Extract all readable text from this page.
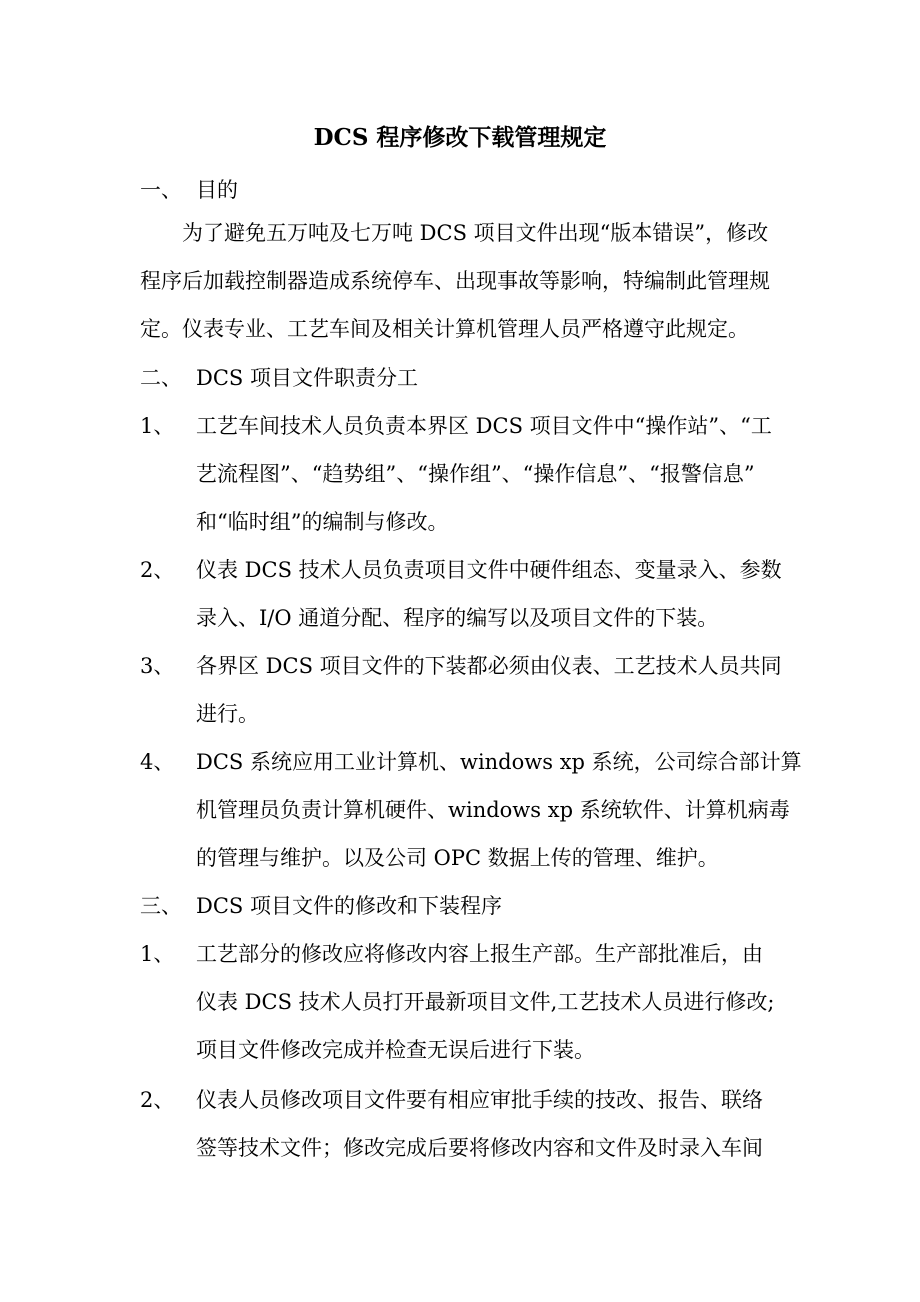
DCS 程序修改下载管理规定
一、 目的
为了避免五万吨及七万吨 DCS 项目文件出现“版本错误”，修改
程序后加载控制器造成系统停车、出现事故等影响，特编制此管理规
定。仪表专业、工艺车间及相关计算机管理人员严格遵守此规定。
二、 DCS 项目文件职责分工
1、 工艺车间技术人员负责本界区 DCS 项目文件中“操作站”、“工
艺流程图”、“趋势组”、“操作组”、“操作信息”、“报警信息”
和“临时组”的编制与修改。
2、 仪表 DCS 技术人员负责项目文件中硬件组态、变量录入、参数
录入、I/O 通道分配、程序的编写以及项目文件的下装。
3、 各界区 DCS 项目文件的下装都必须由仪表、工艺技术人员共同
进行。
4、 DCS 系统应用工业计算机、windows xp 系统，公司综合部计算
机管理员负责计算机硬件、windows xp 系统软件、计算机病毒
的管理与维护。以及公司 OPC 数据上传的管理、维护。
三、 DCS 项目文件的修改和下装程序
1、 工艺部分的修改应将修改内容上报生产部。生产部批准后，由
仪表 DCS 技术人员打开最新项目文件,工艺技术人员进行修改;
项目文件修改完成并检查无误后进行下装。
2、 仪表人员修改项目文件要有相应审批手续的技改、报告、联络
签等技术文件；修改完成后要将修改内容和文件及时录入车间
